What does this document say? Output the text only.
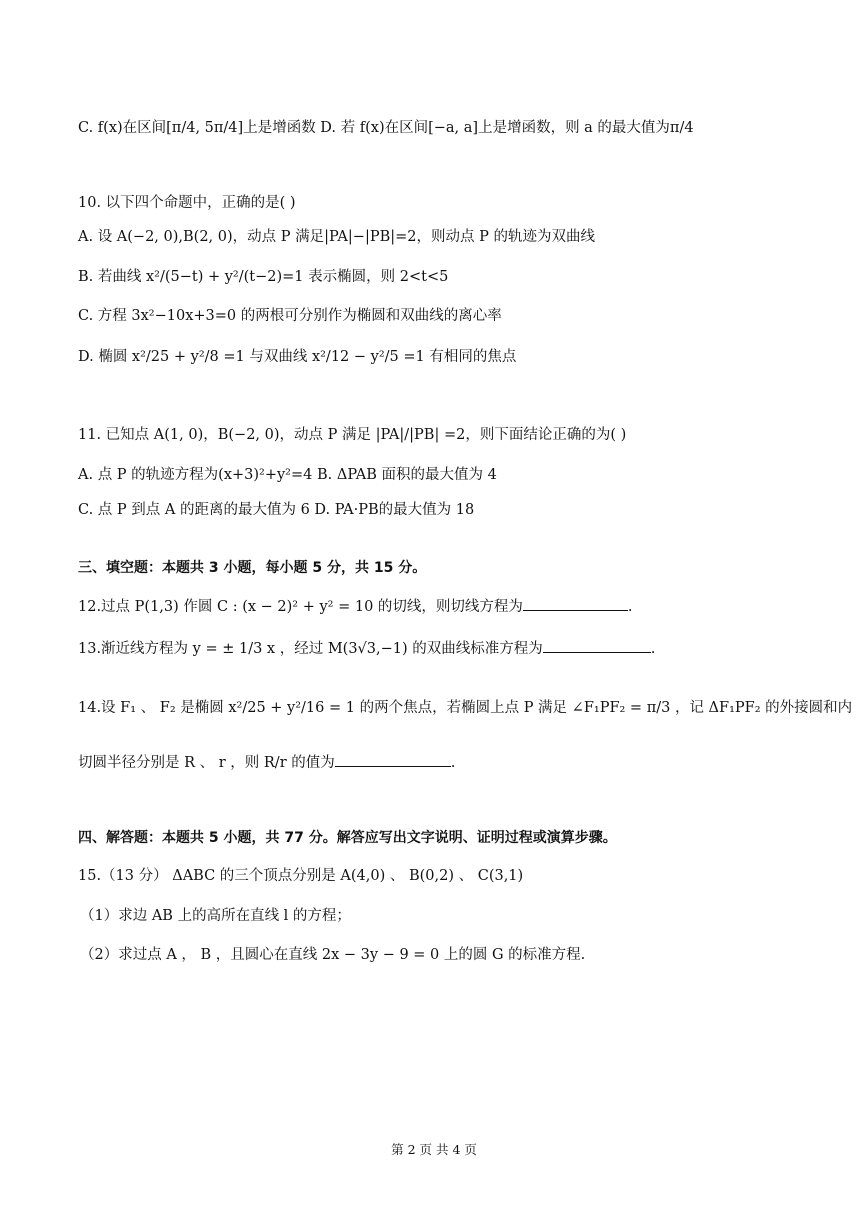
C. f(x)在区间[π/4, 5π/4]上是增函数 D. 若 f(x)在区间[−a, a]上是增函数，则 a 的最大值为π/4
10. 以下四个命题中，正确的是( )
A. 设 A(−2, 0),B(2, 0)，动点 P 满足|PA|−|PB|=2，则动点 P 的轨迹为双曲线
B. 若曲线 x²/(5−t) + y²/(t−2)=1 表示椭圆，则 2<t<5
C. 方程 3x²−10x+3=0 的两根可分别作为椭圆和双曲线的离心率
D. 椭圆 x²/25 + y²/8 =1 与双曲线 x²/12 − y²/5 =1 有相同的焦点
11. 已知点 A(1, 0)，B(−2, 0)，动点 P 满足 |PA|/|PB| =2，则下面结论正确的为( )
A. 点 P 的轨迹方程为(x+3)²+y²=4 B. ΔPAB 面积的最大值为 4
C. 点 P 到点 A 的距离的最大值为 6 D. PA·PB的最大值为 18
三、填空题：本题共 3 小题，每小题 5 分，共 15 分。
12.过点 P(1,3) 作圆 C : (x − 2)² + y² = 10 的切线，则切线方程为	.
13.渐近线方程为 y = ± 1/3 x ，经过 M(3√3,−1) 的双曲线标准方程为	.
14.设 F₁ 、 F₂ 是椭圆 x²/25 + y²/16 = 1 的两个焦点，若椭圆上点 P 满足 ∠F₁PF₂ = π/3 ，记 ΔF₁PF₂ 的外接圆和内
切圆半径分别是 R 、 r ，则 R/r 的值为	.
四、解答题：本题共 5 小题，共 77 分。解答应写出文字说明、证明过程或演算步骤。
15.（13 分） ΔABC 的三个顶点分别是 A(4,0) 、 B(0,2) 、 C(3,1)
（1）求边 AB 上的高所在直线 l 的方程；
（2）求过点 A ， B ，且圆心在直线 2x − 3y − 9 = 0 上的圆 G 的标准方程.
第 2 页 共 4 页
